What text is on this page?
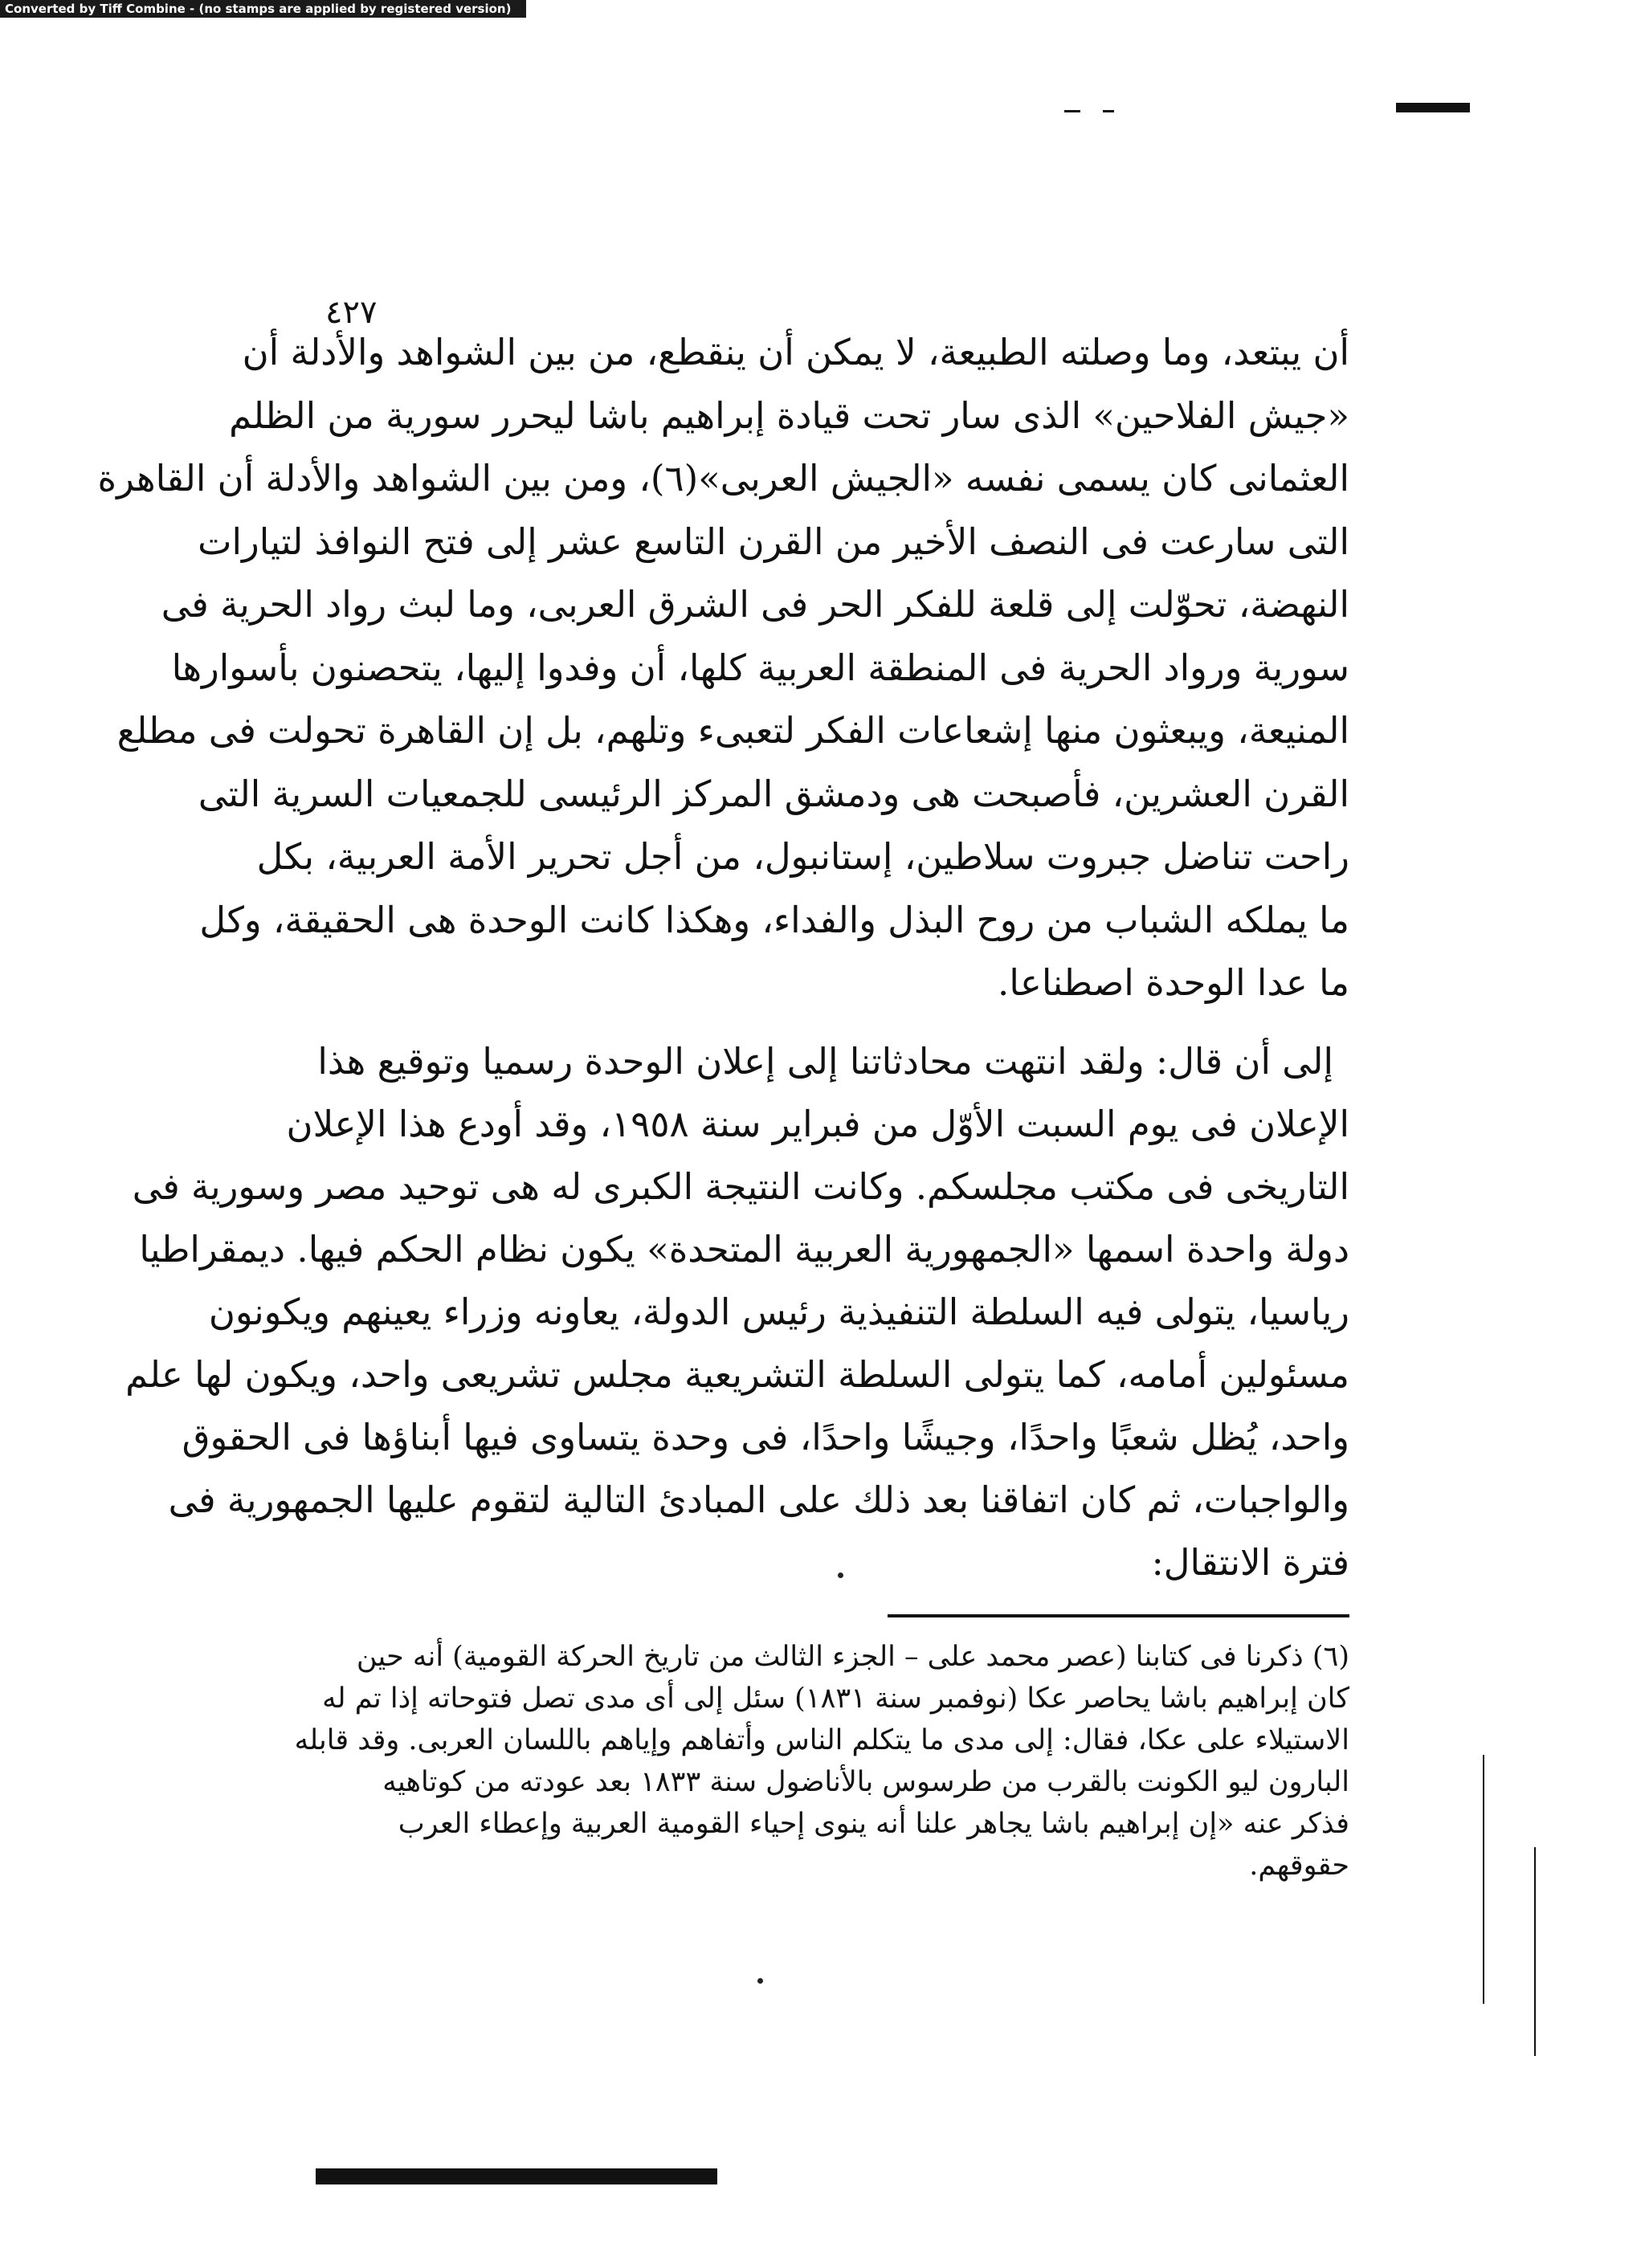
Converted by Tiff Combine - (no stamps are applied by registered version)
٤٢٧
أن يبتعد، وما وصلته الطبيعة، لا يمكن أن ينقطع، من بين الشواهد والأدلة أن
«جيش الفلاحين» الذى سار تحت قيادة إبراهيم باشا ليحرر سورية من الظلم
العثمانى كان يسمى نفسه «الجيش العربى»(٦)، ومن بين الشواهد والأدلة أن القاهرة
التى سارعت فى النصف الأخير من القرن التاسع عشر إلى فتح النوافذ لتيارات
النهضة، تحوّلت إلى قلعة للفكر الحر فى الشرق العربى، وما لبث رواد الحرية فى
سورية ورواد الحرية فى المنطقة العربية كلها، أن وفدوا إليها، يتحصنون بأسوارها
المنيعة، ويبعثون منها إشعاعات الفكر لتعبىء وتلهم، بل إن القاهرة تحولت فى مطلع
القرن العشرين، فأصبحت هى ودمشق المركز الرئيسى للجمعيات السرية التى
راحت تناضل جبروت سلاطين، إستانبول، من أجل تحرير الأمة العربية، بكل
ما يملكه الشباب من روح البذل والفداء، وهكذا كانت الوحدة هى الحقيقة، وكل
ما عدا الوحدة اصطناعا.
إلى أن قال: ولقد انتهت محادثاتنا إلى إعلان الوحدة رسميا وتوقيع هذا
الإعلان فى يوم السبت الأوّل من فبراير سنة ١٩٥٨، وقد أودع هذا الإعلان
التاريخى فى مكتب مجلسكم. وكانت النتيجة الكبرى له هى توحيد مصر وسورية فى
دولة واحدة اسمها «الجمهورية العربية المتحدة» يكون نظام الحكم فيها. ديمقراطيا
رياسيا، يتولى فيه السلطة التنفيذية رئيس الدولة، يعاونه وزراء يعينهم ويكونون
مسئولين أمامه، كما يتولى السلطة التشريعية مجلس تشريعى واحد، ويكون لها علم
واحد، يُظل شعبًا واحدًا، وجيشًا واحدًا، فى وحدة يتساوى فيها أبناؤها فى الحقوق
والواجبات، ثم كان اتفاقنا بعد ذلك على المبادئ التالية لتقوم عليها الجمهورية فى
فترة الانتقال:
(٦) ذكرنا فى كتابنا (عصر محمد على – الجزء الثالث من تاريخ الحركة القومية) أنه حين
كان إبراهيم باشا يحاصر عكا (نوفمبر سنة ١٨٣١) سئل إلى أى مدى تصل فتوحاته إذا تم له
الاستيلاء على عكا، فقال: إلى مدى ما يتكلم الناس وأتفاهم وإياهم باللسان العربى. وقد قابله
البارون ليو الكونت بالقرب من طرسوس بالأناضول سنة ١٨٣٣ بعد عودته من كوتاهيه
فذكر عنه «إن إبراهيم باشا يجاهر علنا أنه ينوى إحياء القومية العربية وإعطاء العرب
حقوقهم.
